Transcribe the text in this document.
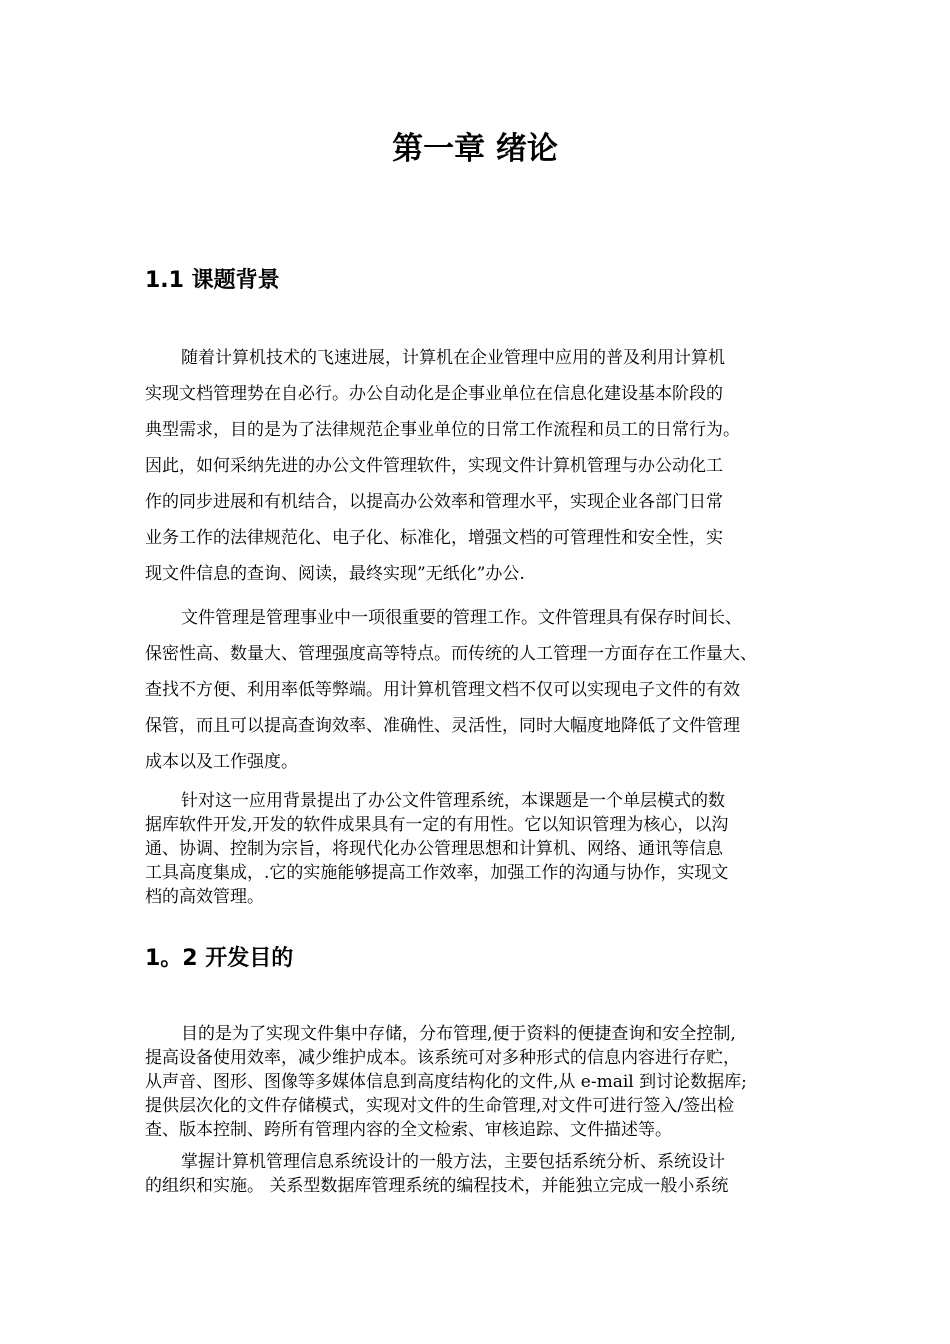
第一章 绪论
1.1 课题背景

随着计算机技术的飞速进展，计算机在企业管理中应用的普及利用计算机
实现文档管理势在自必行。办公自动化是企事业单位在信息化建设基本阶段的
典型需求，目的是为了法律规范企事业单位的日常工作流程和员工的日常行为。
因此，如何采纳先进的办公文件管理软件，实现文件计算机管理与办公动化工
作的同步进展和有机结合，以提高办公效率和管理水平，实现企业各部门日常
业务工作的法律规范化、电子化、标准化，增强文档的可管理性和安全性，实
现文件信息的查询、阅读，最终实现”无纸化”办公.

文件管理是管理事业中一项很重要的管理工作。文件管理具有保存时间长、
保密性高、数量大、管理强度高等特点。而传统的人工管理一方面存在工作量大、
查找不方便、利用率低等弊端。用计算机管理文档不仅可以实现电子文件的有效
保管，而且可以提高查询效率、准确性、灵活性，同时大幅度地降低了文件管理
成本以及工作强度。

针对这一应用背景提出了办公文件管理系统，本课题是一个单层模式的数
据库软件开发,开发的软件成果具有一定的有用性。它以知识管理为核心，以沟
通、协调、控制为宗旨，将现代化办公管理思想和计算机、网络、通讯等信息
工具高度集成，.它的实施能够提高工作效率，加强工作的沟通与协作，实现文
档的高效管理。

1。2 开发目的

目的是为了实现文件集中存储，分布管理,便于资料的便捷查询和安全控制,
提高设备使用效率，减少维护成本。该系统可对多种形式的信息内容进行存贮，
从声音、图形、图像等多媒体信息到高度结构化的文件,从 e-mail 到讨论数据库;
提供层次化的文件存储模式，实现对文件的生命管理,对文件可进行签入/签出检
查、版本控制、跨所有管理内容的全文检索、审核追踪、文件描述等。

掌握计算机管理信息系统设计的一般方法，主要包括系统分析、系统设计
的组织和实施。 关系型数据库管理系统的编程技术，并能独立完成一般小系统
